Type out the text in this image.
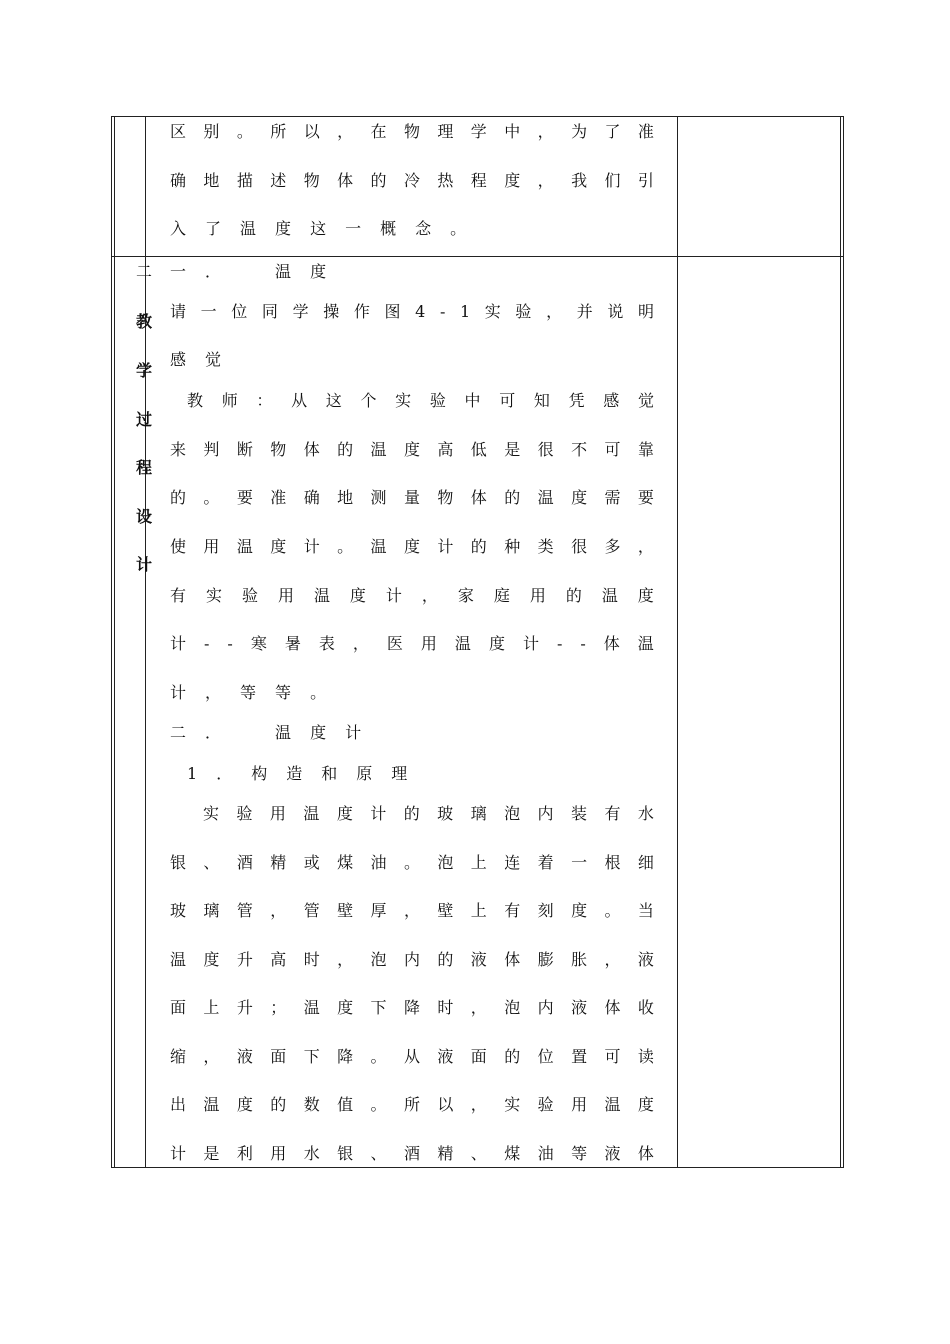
区 别 。 所 以 ， 在 物 理 学 中 ， 为 了 准
确 地 描 述 物 体 的 冷 热 程 度 ， 我 们 引
入 了 温 度 这 一 概 念 。
二
教
学
过
程
设
计
一 ．
　	温 度
请 一 位 同 学 操 作 图 4 - 1 实 验 ， 并 说 明
感 觉
教 师 ： 从 这 个 实 验 中 可 知 凭 感 觉
来 判 断 物 体 的 温 度 高 低 是 很 不 可 靠
的 。 要 准 确 地 测 量 物 体 的 温 度 需 要
使 用 温 度 计 。 温 度 计 的 种 类 很 多 ，
有 实 验 用 温 度 计 ， 家 庭 用 的 温 度
计 - - 寒 暑 表 ， 医 用 温 度 计 - - 体 温
计 ， 等 等 。
二 ．
　	温 度 计
1 ． 构 造 和 原 理
实 验 用 温 度 计 的 玻 璃 泡 内 装 有 水
银 、 酒 精 或 煤 油 。 泡 上 连 着 一 根 细
玻 璃 管 ， 管 壁 厚 ， 壁 上 有 刻 度 。 当
温 度 升 高 时 ， 泡 内 的 液 体 膨 胀 ， 液
面 上 升 ； 温 度 下 降 时 ， 泡 内 液 体 收
缩 ， 液 面 下 降 。 从 液 面 的 位 置 可 读
出 温 度 的 数 值 。 所 以 ， 实 验 用 温 度
计 是 利 用 水 银 、 酒 精 、 煤 油 等 液 体
